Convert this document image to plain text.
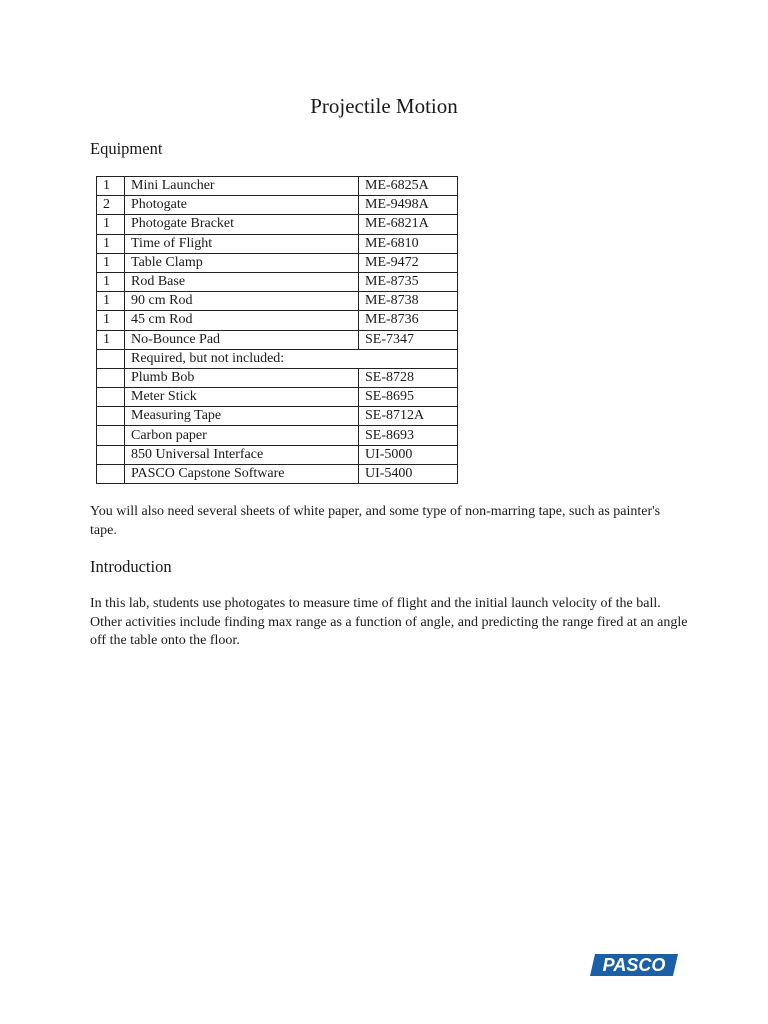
Projectile Motion
Equipment
1	Mini Launcher	ME-6825A
2	Photogate	ME-9498A
1	Photogate Bracket	ME-6821A
1	Time of Flight	ME-6810
1	Table Clamp	ME-9472
1	Rod Base	ME-8735
1	90 cm Rod	ME-8738
1	45 cm Rod	ME-8736
1	No-Bounce Pad	SE-7347
	Required, but not included:	
	Plumb Bob	SE-8728
	Meter Stick	SE-8695
	Measuring Tape	SE-8712A
	Carbon paper	SE-8693
	850 Universal Interface	UI-5000
	PASCO Capstone Software	UI-5400
You will also need several sheets of white paper, and some type of non-marring tape, such as painter's tape.
Introduction
In this lab, students use photogates to measure time of flight and the initial launch velocity of the ball. Other activities include finding max range as a function of angle, and predicting the range fired at an angle off the table onto the floor.
PASCO
